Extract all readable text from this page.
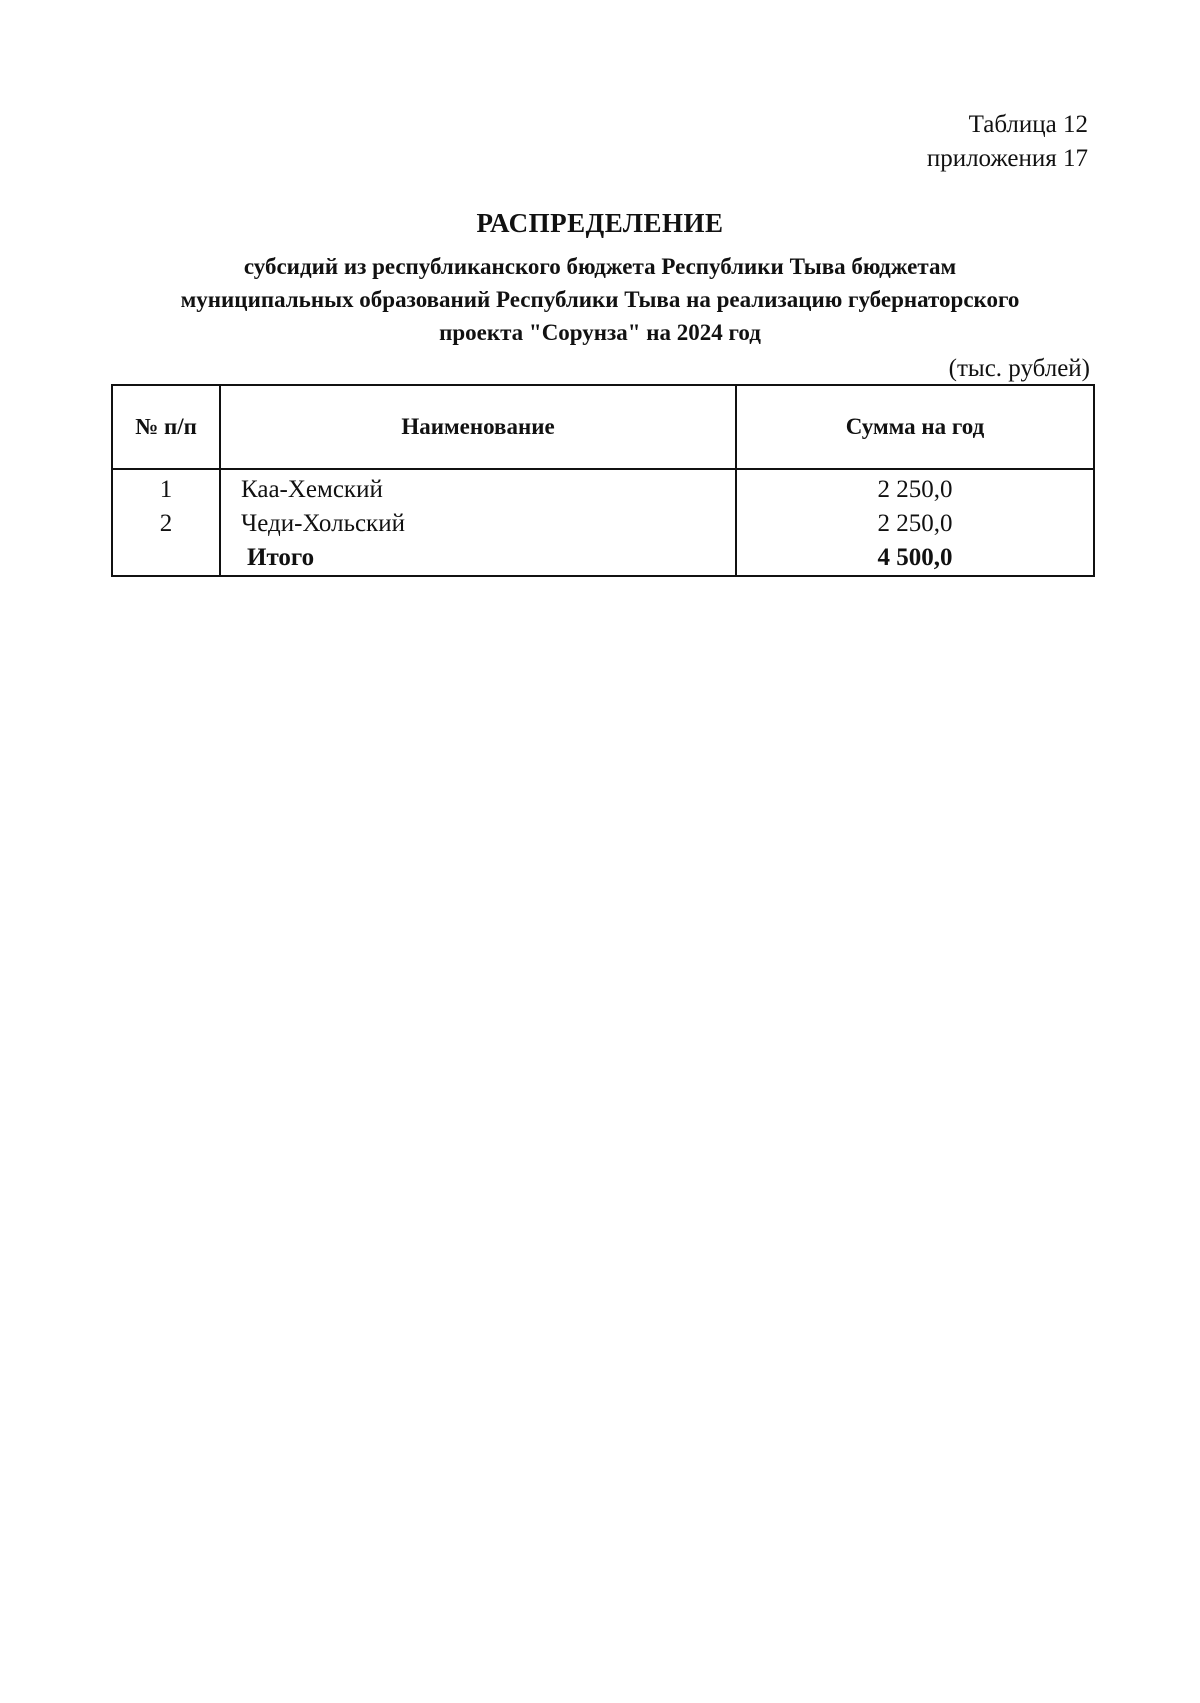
Таблица 12
приложения 17
РАСПРЕДЕЛЕНИЕ
субсидий из республиканского бюджета Республики Тыва бюджетам
муниципальных образований Республики Тыва на реализацию губернаторского
проекта "Сорунза" на 2024 год
(тыс. рублей)
№ п/п	Наименование	Сумма на год
1	Каа-Хемский	2 250,0
2	Чеди-Хольский	2 250,0
	Итого	4 500,0
